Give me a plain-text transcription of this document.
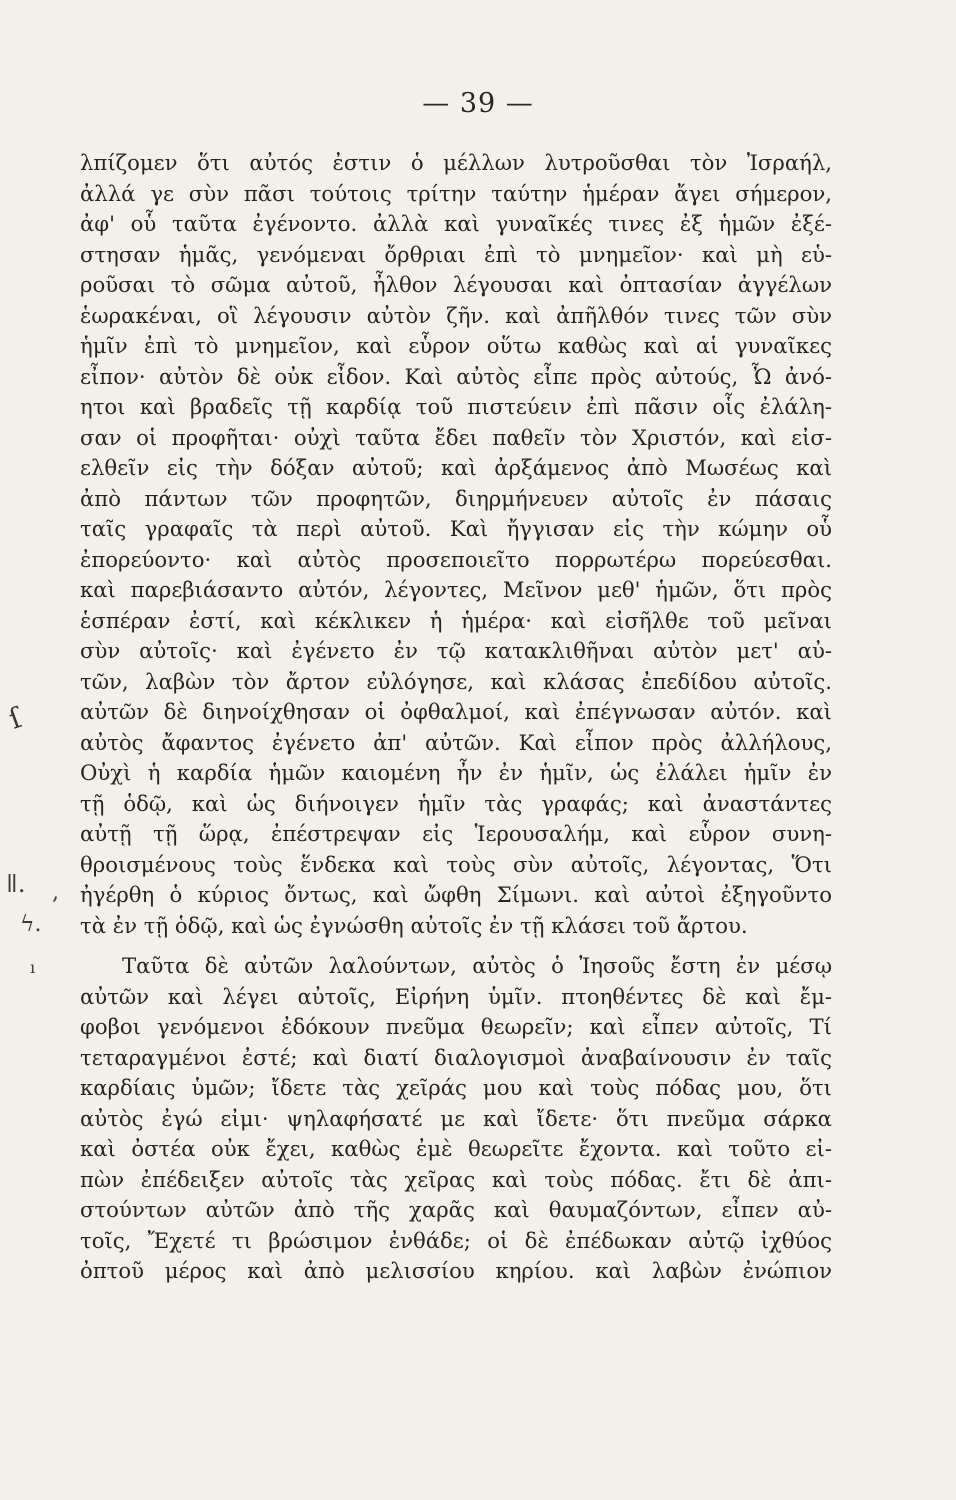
— 39 —
ſ
ǁ. ,
ϟ.
ı
λπίζομεν ὅτι αὐτός ἐστιν ὁ μέλλων λυτροῦσθαι τὸν Ἰσραήλ,
ἀλλά γε σὺν πᾶσι τούτοις τρίτην ταύτην ἡμέραν ἄγει σήμερον,
ἀφ' οὗ ταῦτα ἐγένοντο. ἀλλὰ καὶ γυναῖκές τινες ἐξ ἡμῶν ἐξέ-
στησαν ἡμᾶς, γενόμεναι ὄρθριαι ἐπὶ τὸ μνημεῖον· καὶ μὴ εὑ-
ροῦσαι τὸ σῶμα αὐτοῦ, ἦλθον λέγουσαι καὶ ὀπτασίαν ἀγγέλων
ἑωρακέναι, οἳ λέγουσιν αὐτὸν ζῆν. καὶ ἀπῆλθόν τινες τῶν σὺν
ἡμῖν ἐπὶ τὸ μνημεῖον, καὶ εὗρον οὕτω καθὼς καὶ αἱ γυναῖκες
εἶπον· αὐτὸν δὲ οὐκ εἶδον. Καὶ αὐτὸς εἶπε πρὸς αὐτούς, Ὦ ἀνό-
ητοι καὶ βραδεῖς τῇ καρδίᾳ τοῦ πιστεύειν ἐπὶ πᾶσιν οἷς ἐλάλη-
σαν οἱ προφῆται· οὐχὶ ταῦτα ἔδει παθεῖν τὸν Χριστόν, καὶ εἰσ-
ελθεῖν εἰς τὴν δόξαν αὐτοῦ; καὶ ἀρξάμενος ἀπὸ Μωσέως καὶ
ἀπὸ πάντων τῶν προφητῶν, διηρμήνευεν αὐτοῖς ἐν πάσαις
ταῖς γραφαῖς τὰ περὶ αὐτοῦ. Καὶ ἤγγισαν εἰς τὴν κώμην οὗ
ἐπορεύοντο· καὶ αὐτὸς προσεποιεῖτο πορρωτέρω πορεύεσθαι.
καὶ παρεβιάσαντο αὐτόν, λέγοντες, Μεῖνον μεθ' ἡμῶν, ὅτι πρὸς
ἑσπέραν ἐστί, καὶ κέκλικεν ἡ ἡμέρα· καὶ εἰσῆλθε τοῦ μεῖναι
σὺν αὐτοῖς· καὶ ἐγένετο ἐν τῷ κατακλιθῆναι αὐτὸν μετ' αὐ-
τῶν, λαβὼν τὸν ἄρτον εὐλόγησε, καὶ κλάσας ἐπεδίδου αὐτοῖς.
αὐτῶν δὲ διηνοίχθησαν οἱ ὀφθαλμοί, καὶ ἐπέγνωσαν αὐτόν. καὶ
αὐτὸς ἄφαντος ἐγένετο ἀπ' αὐτῶν. Καὶ εἶπον πρὸς ἀλλήλους,
Οὐχὶ ἡ καρδία ἡμῶν καιομένη ἦν ἐν ἡμῖν, ὡς ἐλάλει ἡμῖν ἐν
τῇ ὁδῷ, καὶ ὡς διήνοιγεν ἡμῖν τὰς γραφάς; καὶ ἀναστάντες
αὐτῇ τῇ ὥρᾳ, ἐπέστρεψαν εἰς Ἱερουσαλήμ, καὶ εὗρον συνη-
θροισμένους τοὺς ἕνδεκα καὶ τοὺς σὺν αὐτοῖς, λέγοντας, Ὅτι
ἠγέρθη ὁ κύριος ὄντως, καὶ ὤφθη Σίμωνι. καὶ αὐτοὶ ἐξηγοῦντο
τὰ ἐν τῇ ὁδῷ, καὶ ὡς ἐγνώσθη αὐτοῖς ἐν τῇ κλάσει τοῦ ἄρτου.
Ταῦτα δὲ αὐτῶν λαλούντων, αὐτὸς ὁ Ἰησοῦς ἔστη ἐν μέσῳ
αὐτῶν καὶ λέγει αὐτοῖς, Εἰρήνη ὑμῖν. πτοηθέντες δὲ καὶ ἔμ-
φοβοι γενόμενοι ἐδόκουν πνεῦμα θεωρεῖν; καὶ εἶπεν αὐτοῖς, Τί
τεταραγμένοι ἐστέ; καὶ διατί διαλογισμοὶ ἀναβαίνουσιν ἐν ταῖς
καρδίαις ὑμῶν; ἴδετε τὰς χεῖράς μου καὶ τοὺς πόδας μου, ὅτι
αὐτὸς ἐγώ εἰμι· ψηλαφήσατέ με καὶ ἴδετε· ὅτι πνεῦμα σάρκα
καὶ ὀστέα οὐκ ἔχει, καθὼς ἐμὲ θεωρεῖτε ἔχοντα. καὶ τοῦτο εἰ-
πὼν ἐπέδειξεν αὐτοῖς τὰς χεῖρας καὶ τοὺς πόδας. ἔτι δὲ ἀπι-
στούντων αὐτῶν ἀπὸ τῆς χαρᾶς καὶ θαυμαζόντων, εἶπεν αὐ-
τοῖς, Ἔχετέ τι βρώσιμον ἐνθάδε; οἱ δὲ ἐπέδωκαν αὐτῷ ἰχθύος
ὀπτοῦ μέρος καὶ ἀπὸ μελισσίου κηρίου. καὶ λαβὼν ἐνώπιον
